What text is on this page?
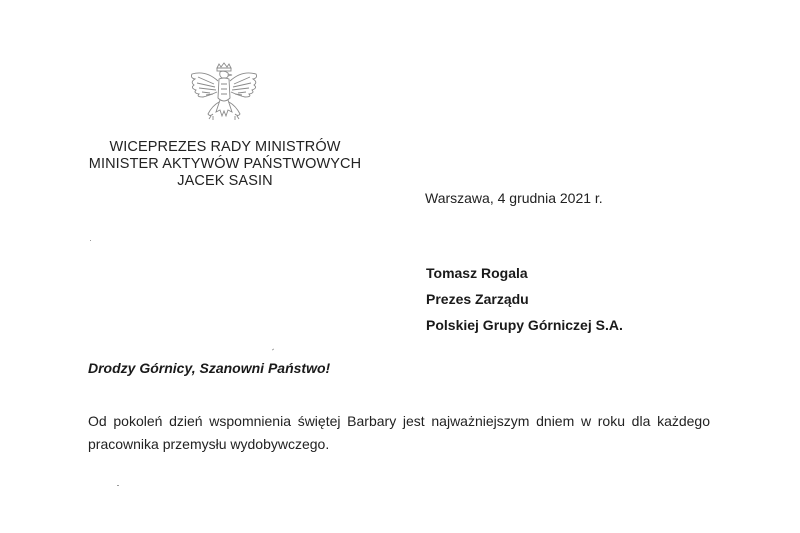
WICEPREZES RADY MINISTRÓW
MINISTER AKTYWÓW PAŃSTWOWYCH
JACEK SASIN
Warszawa, 4 grudnia 2021 r.
Tomasz Rogala
Prezes Zarządu
Polskiej Grupy Górniczej S.A.
Drodzy Górnicy, Szanowni Państwo!
Od pokoleń dzień wspomnienia świętej Barbary jest najważniejszym dniem w roku dla każdego
pracownika przemysłu wydobywczego.
